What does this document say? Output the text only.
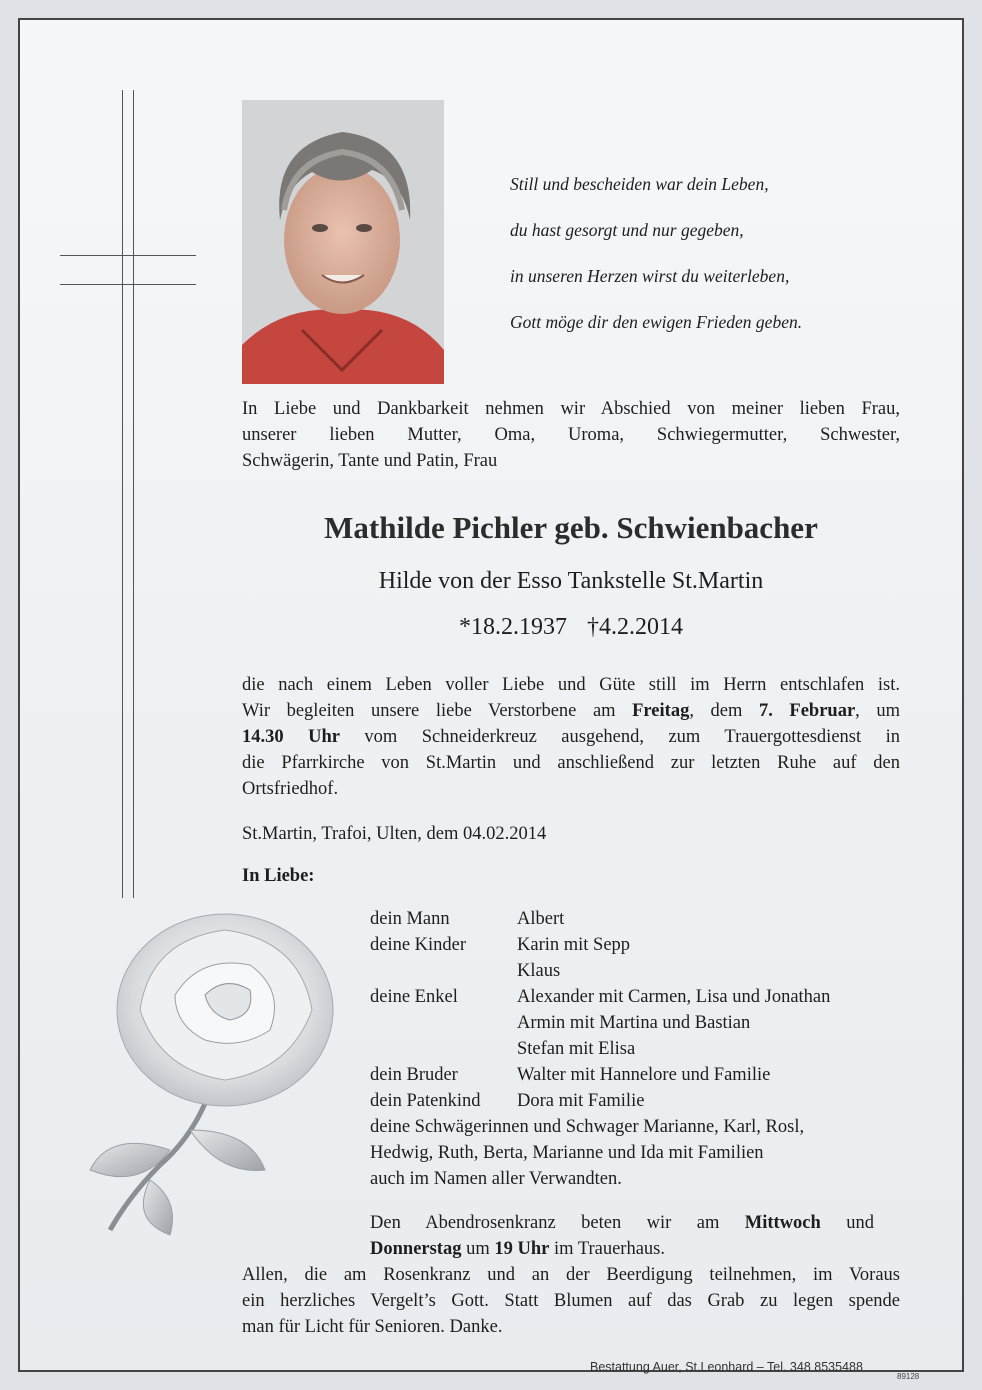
Still und bescheiden war dein Leben,
du hast gesorgt und nur gegeben,
in unseren Herzen wirst du weiterleben,
Gott möge dir den ewigen Frieden geben.
In Liebe und Dankbarkeit nehmen wir Abschied von meiner lieben Frau,
unserer lieben Mutter, Oma, Uroma, Schwiegermutter, Schwester,
Schwägerin, Tante und Patin, Frau
Mathilde Pichler geb. Schwienbacher
Hilde von der Esso Tankstelle St.Martin
*18.2.1937 †4.2.2014
die nach einem Leben voller Liebe und Güte still im Herrn entschlafen ist.
Wir begleiten unsere liebe Verstorbene am Freitag, dem 7. Februar, um
14.30 Uhr vom Schneiderkreuz ausgehend, zum Trauergottesdienst in
die Pfarrkirche von St.Martin und anschließend zur letzten Ruhe auf den
Ortsfriedhof.
St.Martin, Trafoi, Ulten, dem 04.02.2014
In Liebe:
dein Mann	Albert
deine Kinder	Karin mit Sepp
Klaus
deine Enkel	Alexander mit Carmen, Lisa und Jonathan
Armin mit Martina und Bastian
Stefan mit Elisa
dein Bruder	Walter mit Hannelore und Familie
dein Patenkind Dora mit Familie
deine Schwägerinnen und Schwager Marianne, Karl, Rosl,
Hedwig, Ruth, Berta, Marianne und Ida mit Familien
auch im Namen aller Verwandten.
Den Abendrosenkranz beten wir am Mittwoch und
Donnerstag um 19 Uhr im Trauerhaus.
Allen, die am Rosenkranz und an der Beerdigung teilnehmen, im Voraus
ein herzliches Vergelt’s Gott. Statt Blumen auf das Grab zu legen spende
man für Licht für Senioren. Danke.
Bestattung Auer, St.Leonhard – Tel. 348 8535488
89128
